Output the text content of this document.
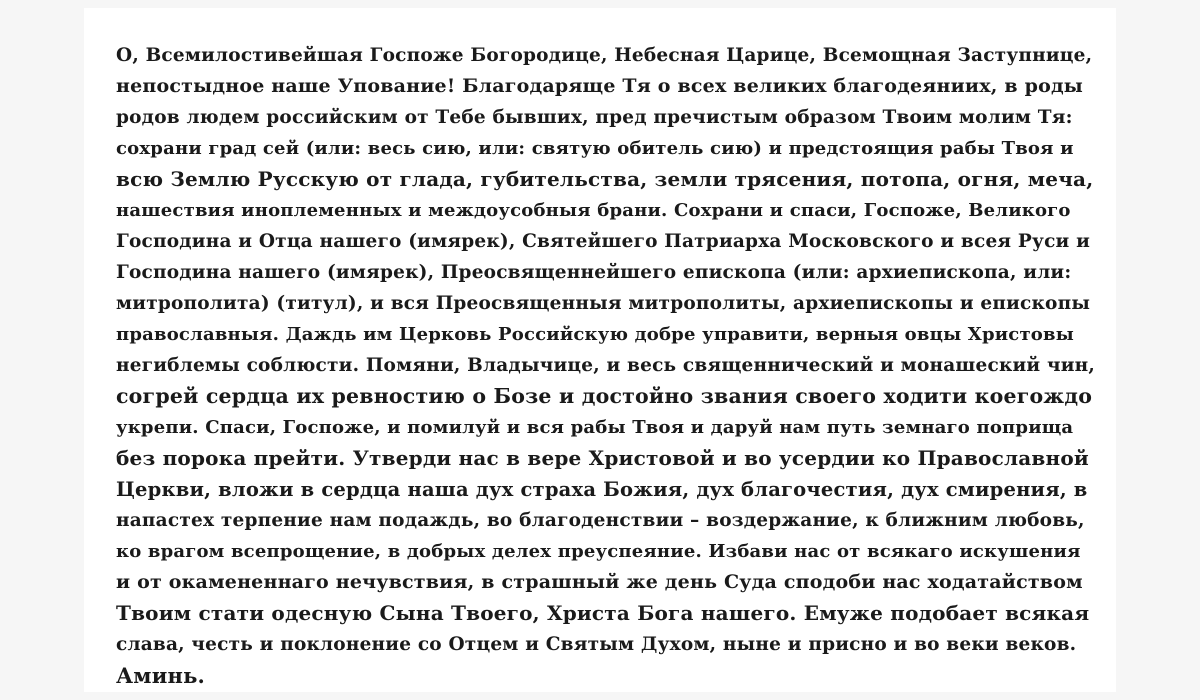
О, Всемилостивейшая Госпоже Богородице, Небесная Царице, Всемощная Заступнице,
непостыдное наше Упование! Благодаряще Тя о всех великих благодеяниих, в роды
родов людем российским от Тебе бывших, пред пречистым образом Твоим молим Тя:
сохрани град сей (или: весь сию, или: святую обитель сию) и предстоящия рабы Твоя и
всю Землю Русскую от глада, губительства, земли трясения, потопа, огня, меча,
нашествия иноплеменных и междоусобныя брани. Сохрани и спаси, Госпоже, Великого
Господина и Отца нашего (имярек), Святейшего Патриарха Московского и всея Руси и
Господина нашего (имярек), Преосвященнейшего епископа (или: архиепископа, или:
митрополита) (титул), и вся Преосвященныя митрополиты, архиепископы и епископы
православныя. Даждь им Церковь Российскую добре управити, верныя овцы Христовы
негиблемы соблюсти. Помяни, Владычице, и весь священнический и монашеский чин,
согрей сердца их ревностию о Бозе и достойно звания своего ходити коегождо
укрепи. Спаси, Госпоже, и помилуй и вся рабы Твоя и даруй нам путь земнаго поприща
без порока прейти. Утверди нас в вере Христовой и во усердии ко Православной
Церкви, вложи в сердца наша дух страха Божия, дух благочестия, дух смирения, в
напастех терпение нам подаждь, во благоденствии – воздержание, к ближним любовь,
ко врагом всепрощение, в добрых делех преуспеяние. Избави нас от всякаго искушения
и от окамененнаго нечувствия, в страшный же день Суда сподоби нас ходатайством
Твоим стати одесную Сына Твоего, Христа Бога нашего. Емуже подобает всякая
слава, честь и поклонение со Отцем и Святым Духом, ныне и присно и во веки веков.
Аминь.
